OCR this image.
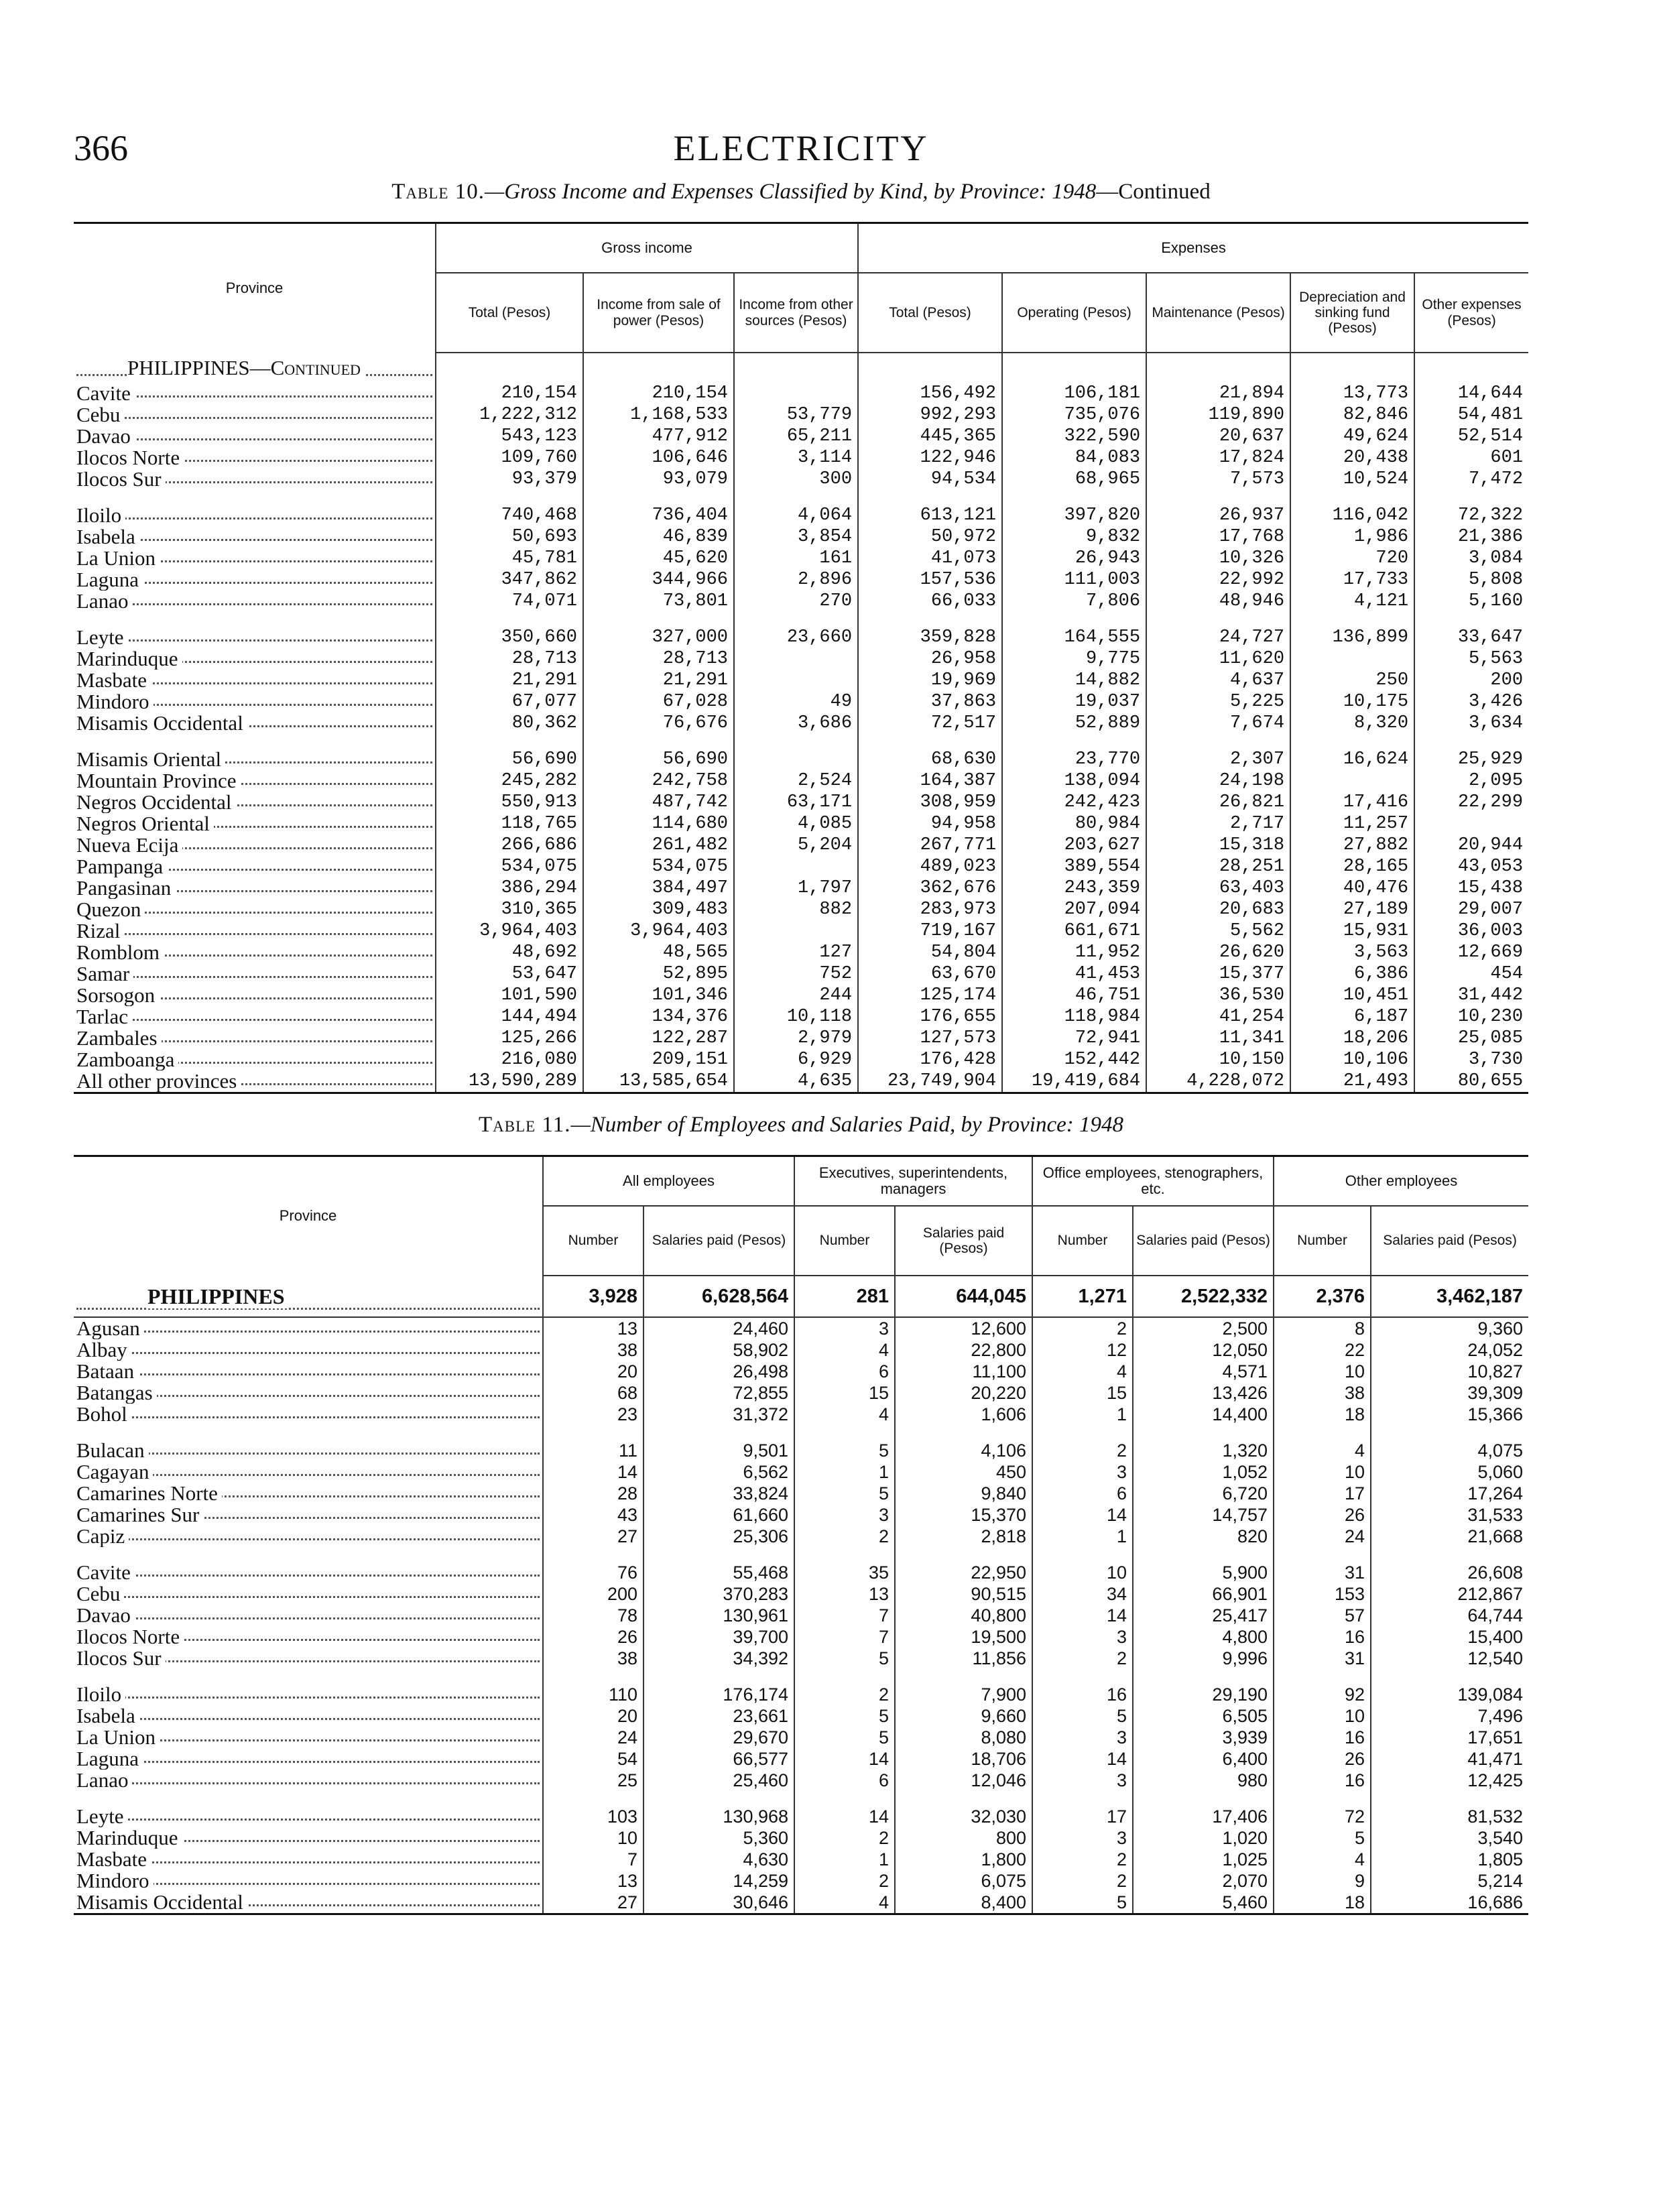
366	ELECTRICITY
Table 10.—Gross Income and Expenses Classified by Kind, by Province: 1948—Continued
Province	Gross income			Expenses				
	Total (Pesos)	Income from sale of power (Pesos)	Income from other sources (Pesos)	Total (Pesos)	Operating (Pesos)	Maintenance (Pesos)	Depreciation and sinking fund (Pesos)	Other expenses (Pesos)
PHILIPPINES—Continued								
Cavite	210,154	210,154		156,492	106,181	21,894	13,773	14,644
Cebu	1,222,312	1,168,533	53,779	992,293	735,076	119,890	82,846	54,481
Davao	543,123	477,912	65,211	445,365	322,590	20,637	49,624	52,514
Ilocos Norte	109,760	106,646	3,114	122,946	84,083	17,824	20,438	601
Ilocos Sur	93,379	93,079	300	94,534	68,965	7,573	10,524	7,472

Iloilo	740,468	736,404	4,064	613,121	397,820	26,937	116,042	72,322
Isabela	50,693	46,839	3,854	50,972	9,832	17,768	1,986	21,386
La Union	45,781	45,620	161	41,073	26,943	10,326	720	3,084
Laguna	347,862	344,966	2,896	157,536	111,003	22,992	17,733	5,808
Lanao	74,071	73,801	270	66,033	7,806	48,946	4,121	5,160

Leyte	350,660	327,000	23,660	359,828	164,555	24,727	136,899	33,647
Marinduque	28,713	28,713		26,958	9,775	11,620		5,563
Masbate	21,291	21,291		19,969	14,882	4,637	250	200
Mindoro	67,077	67,028	49	37,863	19,037	5,225	10,175	3,426
Misamis Occidental	80,362	76,676	3,686	72,517	52,889	7,674	8,320	3,634

Misamis Oriental	56,690	56,690		68,630	23,770	2,307	16,624	25,929
Mountain Province	245,282	242,758	2,524	164,387	138,094	24,198		2,095
Negros Occidental	550,913	487,742	63,171	308,959	242,423	26,821	17,416	22,299
Negros Oriental	118,765	114,680	4,085	94,958	80,984	2,717	11,257	
Nueva Ecija	266,686	261,482	5,204	267,771	203,627	15,318	27,882	20,944
Pampanga	534,075	534,075		489,023	389,554	28,251	28,165	43,053
Pangasinan	386,294	384,497	1,797	362,676	243,359	63,403	40,476	15,438
Quezon	310,365	309,483	882	283,973	207,094	20,683	27,189	29,007
Rizal	3,964,403	3,964,403		719,167	661,671	5,562	15,931	36,003
Romblom	48,692	48,565	127	54,804	11,952	26,620	3,563	12,669
Samar	53,647	52,895	752	63,670	41,453	15,377	6,386	454
Sorsogon	101,590	101,346	244	125,174	46,751	36,530	10,451	31,442
Tarlac	144,494	134,376	10,118	176,655	118,984	41,254	6,187	10,230
Zambales	125,266	122,287	2,979	127,573	72,941	11,341	18,206	25,085
Zamboanga	216,080	209,151	6,929	176,428	152,442	10,150	10,106	3,730
All other provinces	13,590,289	13,585,654	4,635	23,749,904	19,419,684	4,228,072	21,493	80,655
Table 11.—Number of Employees and Salaries Paid, by Province: 1948
Province	All employees		Executives, superintendents, managers		Office employees, stenographers, etc.		Other employees	
	Number	Salaries paid (Pesos)	Number	Salaries paid (Pesos)	Number	Salaries paid (Pesos)	Number	Salaries paid (Pesos)
PHILIPPINES	3,928	6,628,564	281	644,045	1,271	2,522,332	2,376	3,462,187
Agusan	13	24,460	3	12,600	2	2,500	8	9,360
Albay	38	58,902	4	22,800	12	12,050	22	24,052
Bataan	20	26,498	6	11,100	4	4,571	10	10,827
Batangas	68	72,855	15	20,220	15	13,426	38	39,309
Bohol	23	31,372	4	1,606	1	14,400	18	15,366

Bulacan	11	9,501	5	4,106	2	1,320	4	4,075
Cagayan	14	6,562	1	450	3	1,052	10	5,060
Camarines Norte	28	33,824	5	9,840	6	6,720	17	17,264
Camarines Sur	43	61,660	3	15,370	14	14,757	26	31,533
Capiz	27	25,306	2	2,818	1	820	24	21,668

Cavite	76	55,468	35	22,950	10	5,900	31	26,608
Cebu	200	370,283	13	90,515	34	66,901	153	212,867
Davao	78	130,961	7	40,800	14	25,417	57	64,744
Ilocos Norte	26	39,700	7	19,500	3	4,800	16	15,400
Ilocos Sur	38	34,392	5	11,856	2	9,996	31	12,540

Iloilo	110	176,174	2	7,900	16	29,190	92	139,084
Isabela	20	23,661	5	9,660	5	6,505	10	7,496
La Union	24	29,670	5	8,080	3	3,939	16	17,651
Laguna	54	66,577	14	18,706	14	6,400	26	41,471
Lanao	25	25,460	6	12,046	3	980	16	12,425

Leyte	103	130,968	14	32,030	17	17,406	72	81,532
Marinduque	10	5,360	2	800	3	1,020	5	3,540
Masbate	7	4,630	1	1,800	2	1,025	4	1,805
Mindoro	13	14,259	2	6,075	2	2,070	9	5,214
Misamis Occidental	27	30,646	4	8,400	5	5,460	18	16,686
